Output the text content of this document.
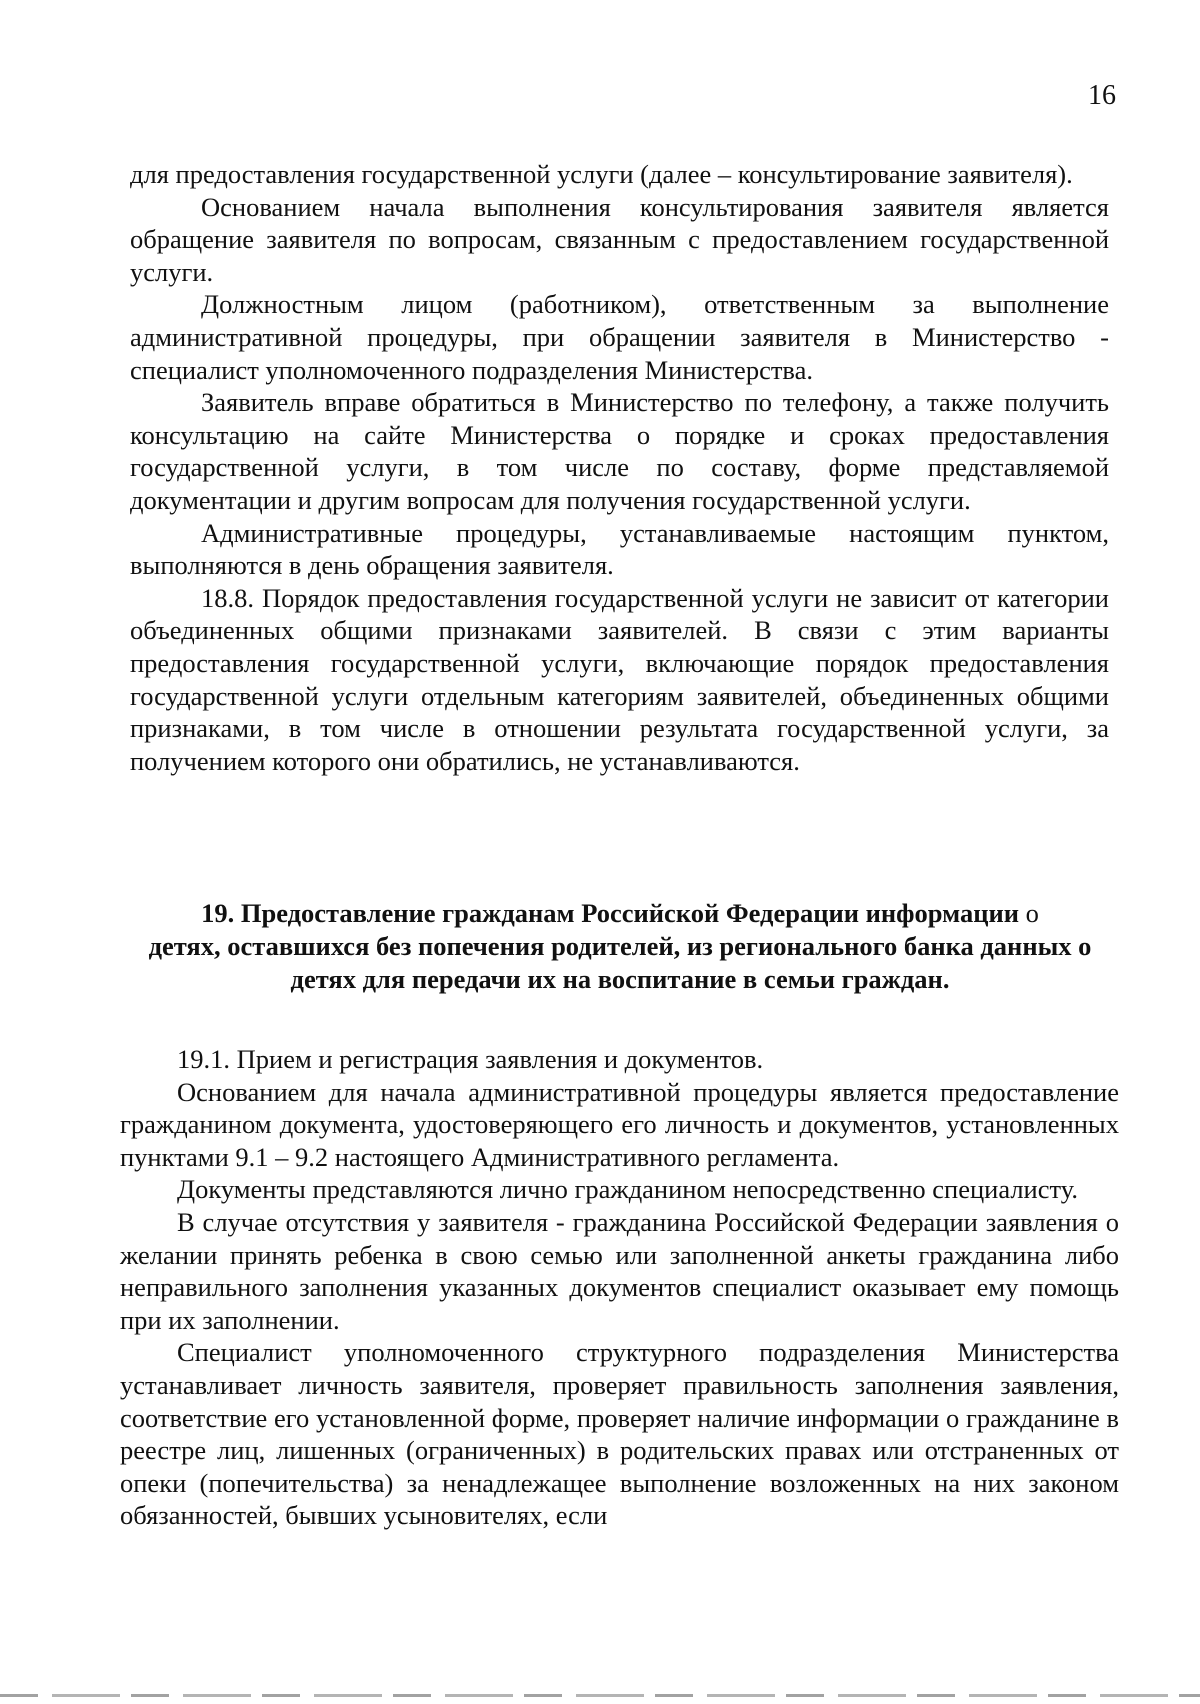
16

для предоставления государственной услуги (далее – консультирование заявителя).

Основанием начала выполнения консультирования заявителя является обращение заявителя по вопросам, связанным с предоставлением государственной услуги.

Должностным лицом (работником), ответственным за выполнение административной процедуры, при обращении заявителя в Министерство - специалист уполномоченного подразделения Министерства.

Заявитель вправе обратиться в Министерство по телефону, а также получить консультацию на сайте Министерства о порядке и сроках предоставления государственной услуги, в том числе по составу, форме представляемой документации и другим вопросам для получения государственной услуги.

Административные процедуры, устанавливаемые настоящим пунктом, выполняются в день обращения заявителя.

18.8. Порядок предоставления государственной услуги не зависит от категории объединенных общими признаками заявителей. В связи с этим варианты предоставления государственной услуги, включающие порядок предоставления государственной услуги отдельным категориям заявителей, объединенных общими признаками, в том числе в отношении результата государственной услуги, за получением которого они обратились, не устанавливаются.

19. Предоставление гражданам Российской Федерации информации о
детях, оставшихся без попечения родителей, из регионального банка данных о детях для передачи их на воспитание в семьи граждан.

19.1. Прием и регистрация заявления и документов.

Основанием для начала административной процедуры является предоставление гражданином документа, удостоверяющего его личность и документов, установленных пунктами 9.1 – 9.2 настоящего Административного регламента.

Документы представляются лично гражданином непосредственно специалисту.

В случае отсутствия у заявителя - гражданина Российской Федерации заявления о желании принять ребенка в свою семью или заполненной анкеты гражданина либо неправильного заполнения указанных документов специалист оказывает ему помощь при их заполнении.

Специалист уполномоченного структурного подразделения Министерства устанавливает личность заявителя, проверяет правильность заполнения заявления, соответствие его установленной форме, проверяет наличие информации о гражданине в реестре лиц, лишенных (ограниченных) в родительских правах или отстраненных от опеки (попечительства) за ненадлежащее выполнение возложенных на них законом обязанностей, бывших усыновителях, если
